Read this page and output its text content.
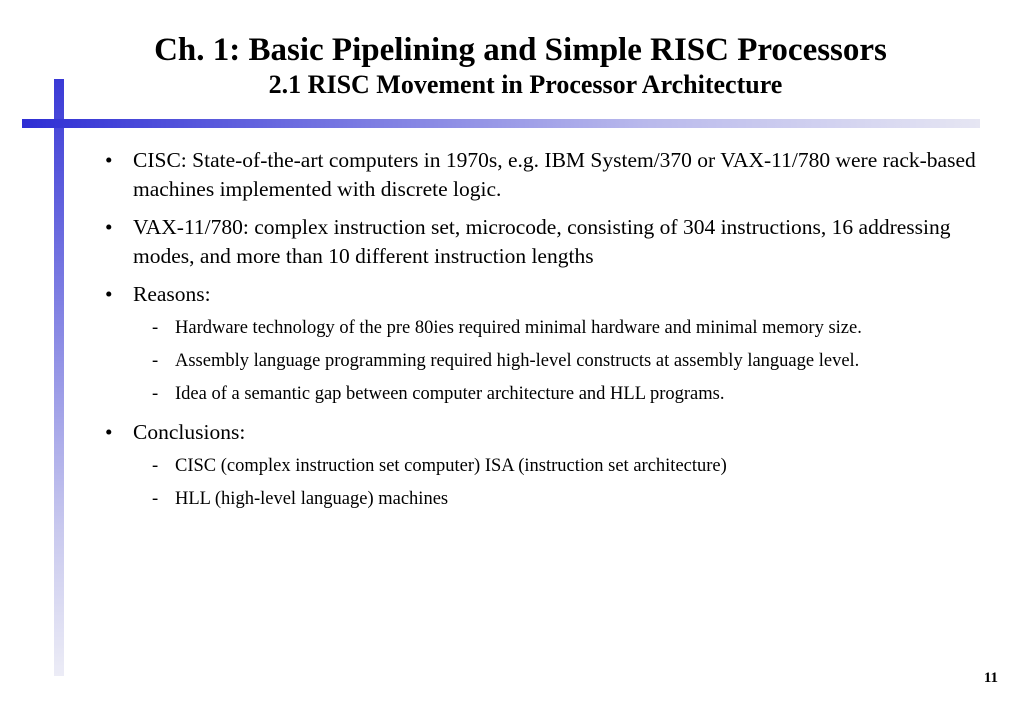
Ch. 1: Basic Pipelining and Simple RISC Processors
2.1 RISC Movement in Processor Architecture
• CISC: State-of-the-art computers in 1970s, e.g. IBM System/370 or VAX-11/780 were rack-based machines implemented with discrete logic.
• VAX-11/780: complex instruction set, microcode, consisting of 304 instructions, 16 addressing modes, and more than 10 different instruction lengths
• Reasons:
- Hardware technology of the pre 80ies required minimal hardware and minimal memory size.
- Assembly language programming required high-level constructs at assembly language level.
- Idea of a semantic gap between computer architecture and HLL programs.
• Conclusions:
- CISC (complex instruction set computer) ISA (instruction set architecture)
- HLL (high-level language) machines
11
